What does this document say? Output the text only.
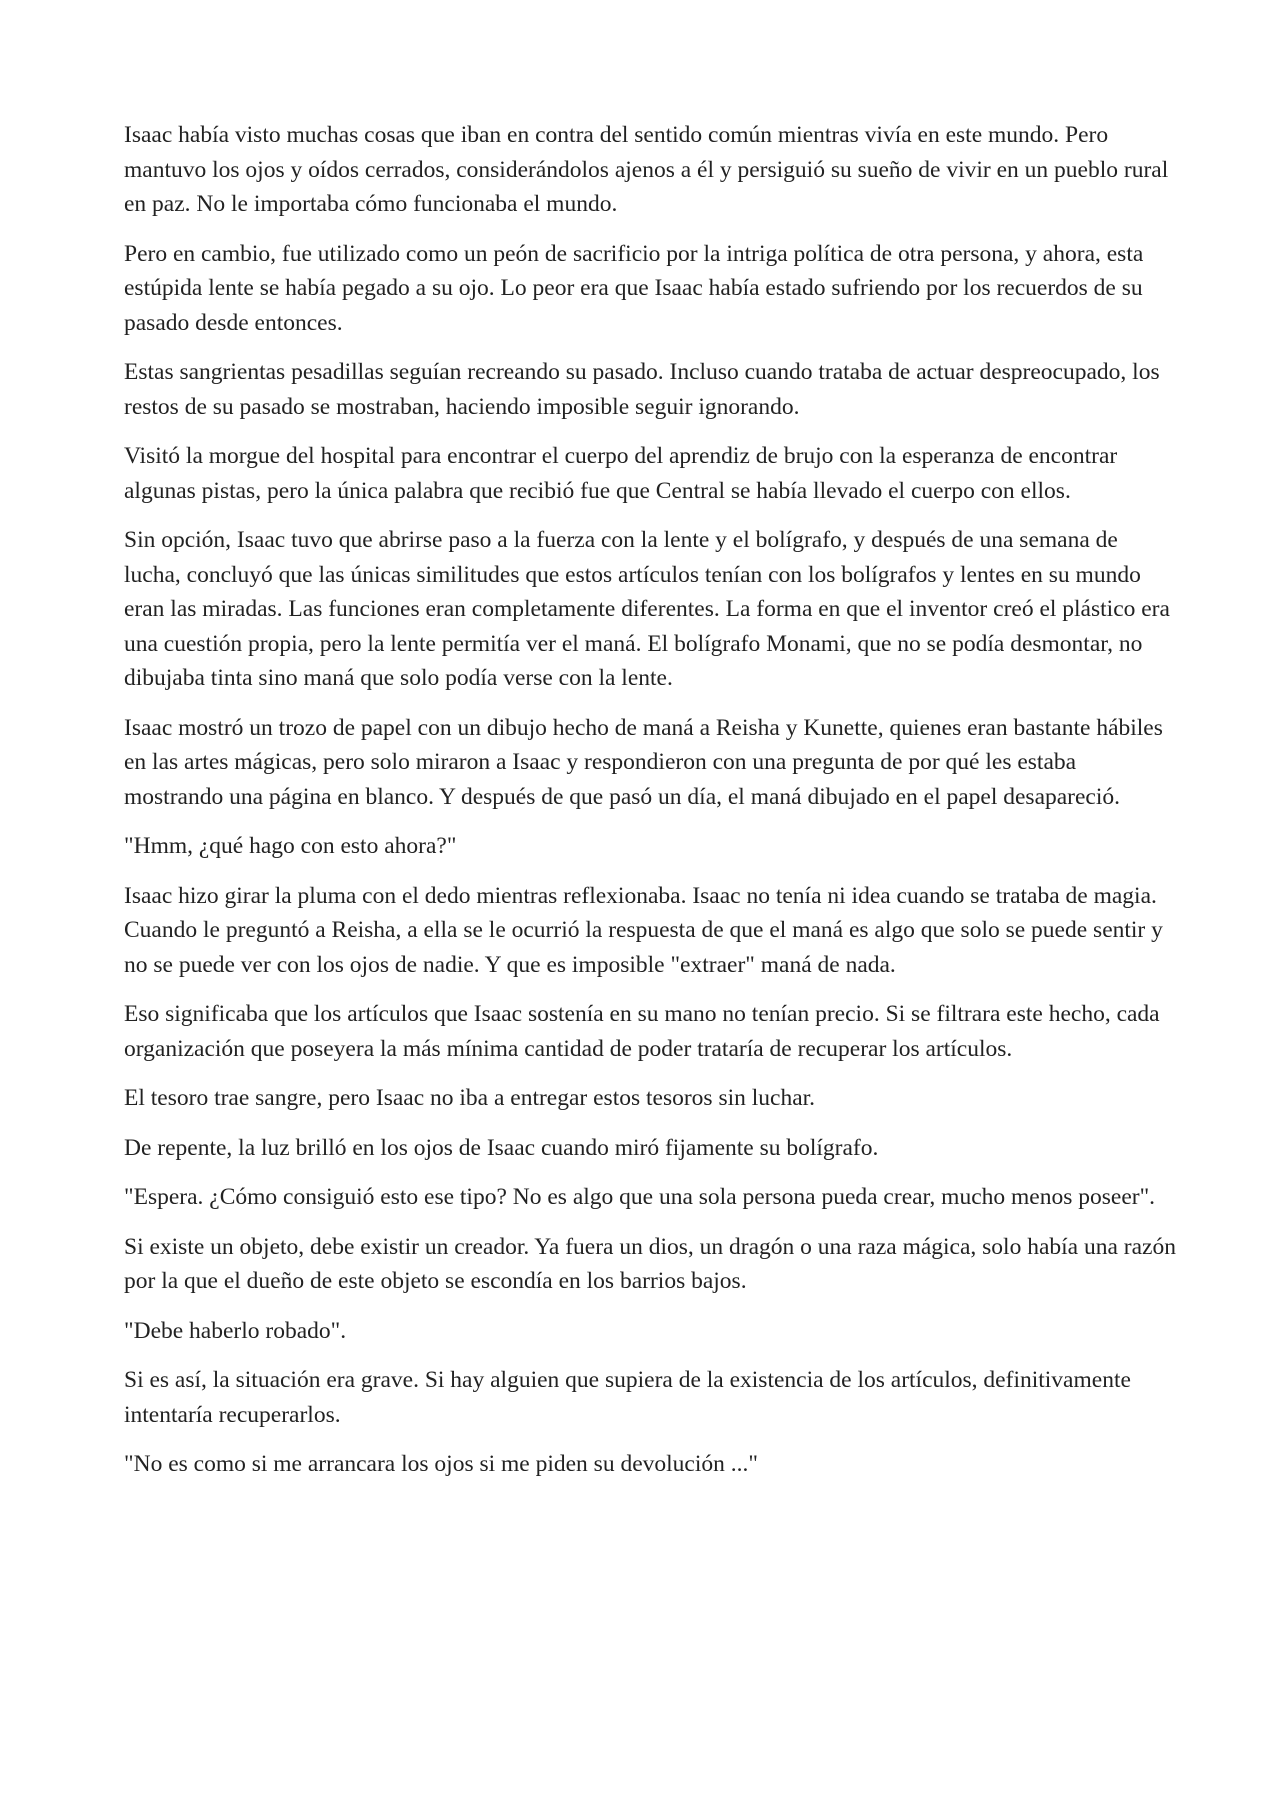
Isaac había visto muchas cosas que iban en contra del sentido común mientras vivía en este mundo. Pero mantuvo los ojos y oídos cerrados, considerándolos ajenos a él y persiguió su sueño de vivir en un pueblo rural en paz. No le importaba cómo funcionaba el mundo.

Pero en cambio, fue utilizado como un peón de sacrificio por la intriga política de otra persona, y ahora, esta estúpida lente se había pegado a su ojo. Lo peor era que Isaac había estado sufriendo por los recuerdos de su pasado desde entonces.

Estas sangrientas pesadillas seguían recreando su pasado. Incluso cuando trataba de actuar despreocupado, los restos de su pasado se mostraban, haciendo imposible seguir ignorando.

Visitó la morgue del hospital para encontrar el cuerpo del aprendiz de brujo con la esperanza de encontrar algunas pistas, pero la única palabra que recibió fue que Central se había llevado el cuerpo con ellos.

Sin opción, Isaac tuvo que abrirse paso a la fuerza con la lente y el bolígrafo, y después de una semana de lucha, concluyó que las únicas similitudes que estos artículos tenían con los bolígrafos y lentes en su mundo eran las miradas. Las funciones eran completamente diferentes. La forma en que el inventor creó el plástico era una cuestión propia, pero la lente permitía ver el maná. El bolígrafo Monami, que no se podía desmontar, no dibujaba tinta sino maná que solo podía verse con la lente.

Isaac mostró un trozo de papel con un dibujo hecho de maná a Reisha y Kunette, quienes eran bastante hábiles en las artes mágicas, pero solo miraron a Isaac y respondieron con una pregunta de por qué les estaba mostrando una página en blanco. Y después de que pasó un día, el maná dibujado en el papel desapareció.

"Hmm, ¿qué hago con esto ahora?"

Isaac hizo girar la pluma con el dedo mientras reflexionaba. Isaac no tenía ni idea cuando se trataba de magia. Cuando le preguntó a Reisha, a ella se le ocurrió la respuesta de que el maná es algo que solo se puede sentir y no se puede ver con los ojos de nadie. Y que es imposible "extraer" maná de nada.

Eso significaba que los artículos que Isaac sostenía en su mano no tenían precio. Si se filtrara este hecho, cada organización que poseyera la más mínima cantidad de poder trataría de recuperar los artículos.

El tesoro trae sangre, pero Isaac no iba a entregar estos tesoros sin luchar.

De repente, la luz brilló en los ojos de Isaac cuando miró fijamente su bolígrafo.

"Espera. ¿Cómo consiguió esto ese tipo? No es algo que una sola persona pueda crear, mucho menos poseer".

Si existe un objeto, debe existir un creador. Ya fuera un dios, un dragón o una raza mágica, solo había una razón por la que el dueño de este objeto se escondía en los barrios bajos.

"Debe haberlo robado".

Si es así, la situación era grave. Si hay alguien que supiera de la existencia de los artículos, definitivamente intentaría recuperarlos.

"No es como si me arrancara los ojos si me piden su devolución ..."
